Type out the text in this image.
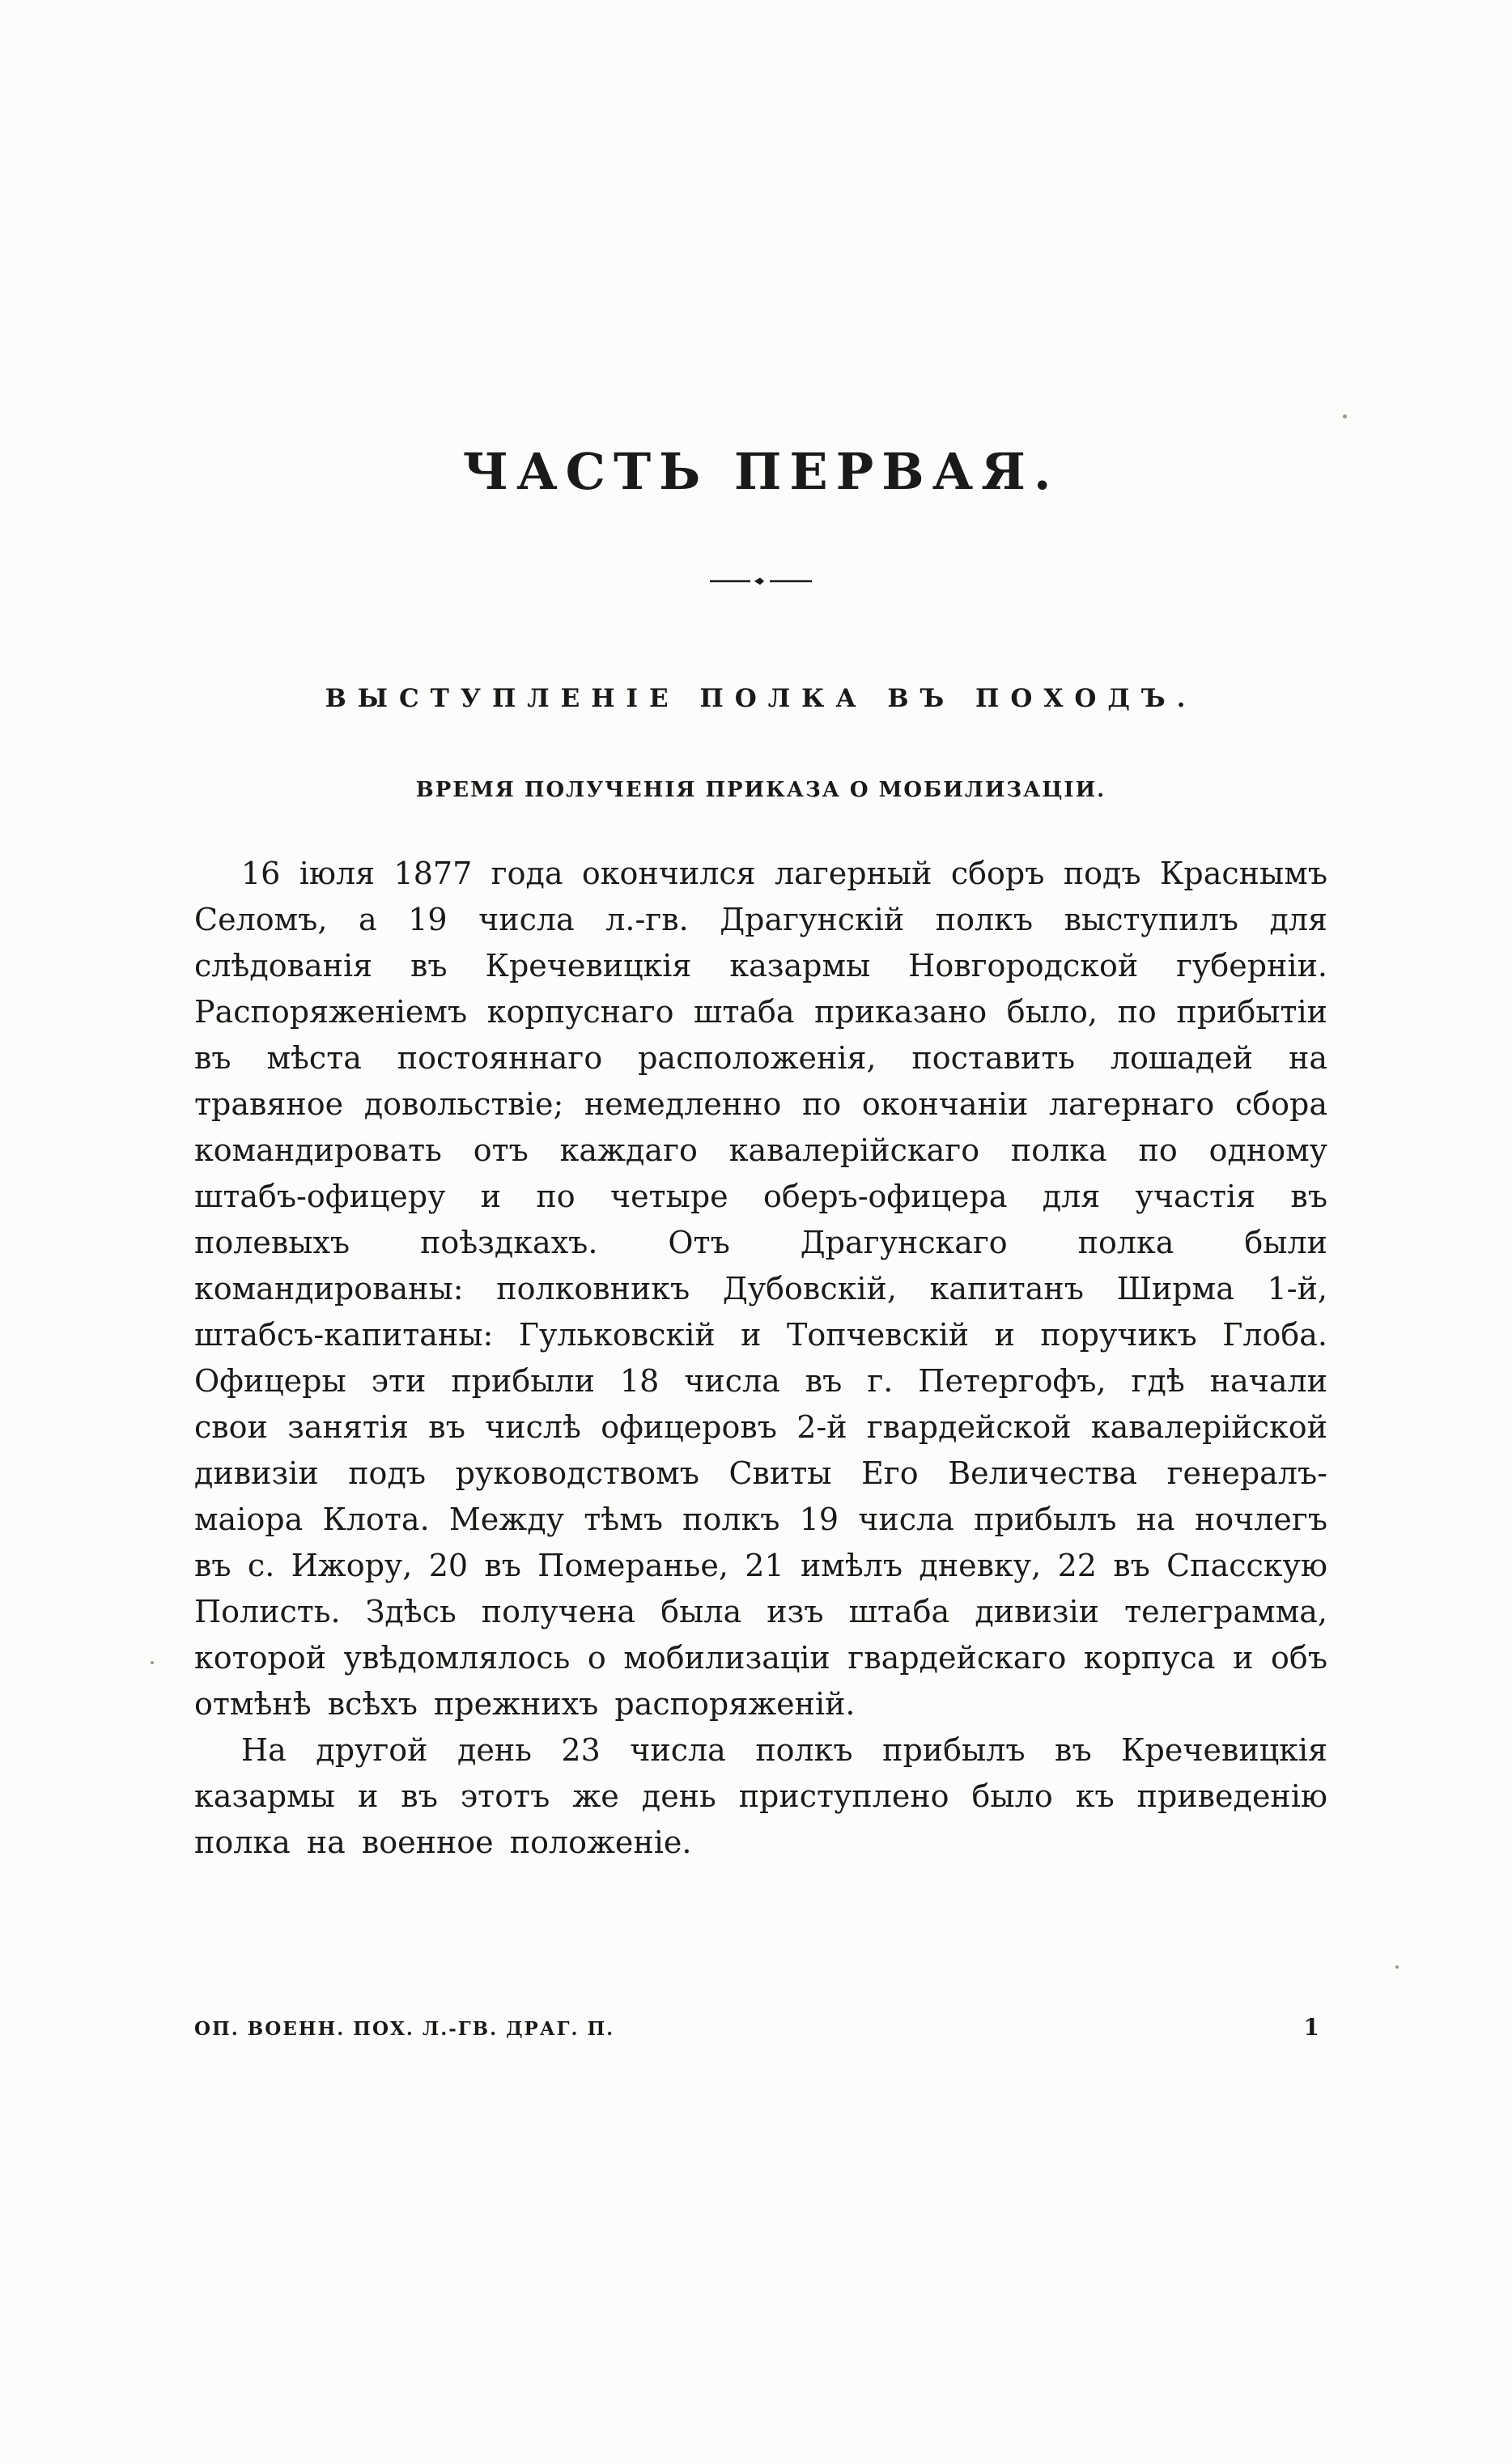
ЧАСТЬ ПЕРВАЯ.
ВЫСТУПЛЕНІЕ ПОЛКА ВЪ ПОХОДЪ.
ВРЕМЯ ПОЛУЧЕНІЯ ПРИКАЗА О МОБИЛИЗАЦІИ.

16 іюля 1877 года окончился лагерный сборъ подъ Краснымъ Селомъ, а 19 числа л.-гв. Драгунскій полкъ выступилъ для слѣдованія въ Кречевицкія казармы Новгородской губерніи. Распоряженіемъ корпуснаго штаба приказано было, по прибытіи въ мѣста постояннаго расположенія, поставить лошадей на травяное довольствіе; немедленно по окончаніи лагернаго сбора командировать отъ каждаго кавалерійскаго полка по одному штабъ-офицеру и по четыре оберъ-офицера для участія въ полевыхъ поѣздкахъ. Отъ Драгунскаго полка были командированы: полковникъ Дубовскій, капитанъ Ширма 1-й, штабсъ-капитаны: Гульковскій и Топчевскій и поручикъ Глоба. Офицеры эти прибыли 18 числа въ г. Петергофъ, гдѣ начали свои занятія въ числѣ офицеровъ 2-й гвардейской кавалерійской дивизіи подъ руководствомъ Свиты Его Величества генералъ-маіора Клота. Между тѣмъ полкъ 19 числа прибылъ на ночлегъ въ с. Ижору, 20 въ Померанье, 21 имѣлъ дневку, 22 въ Спасскую Полисть. Здѣсь получена была изъ штаба дивизіи телеграмма, которой увѣдомлялось о мобилизаціи гвардейскаго корпуса и объ отмѣнѣ всѣхъ прежнихъ распоряженій.

На другой день 23 числа полкъ прибылъ въ Кречевицкія казармы и въ этотъ же день приступлено было къ приведенію полка на военное положеніе.

ОП. ВОЕНН. ПОХ. Л.-ГВ. ДРАГ. П.	1
